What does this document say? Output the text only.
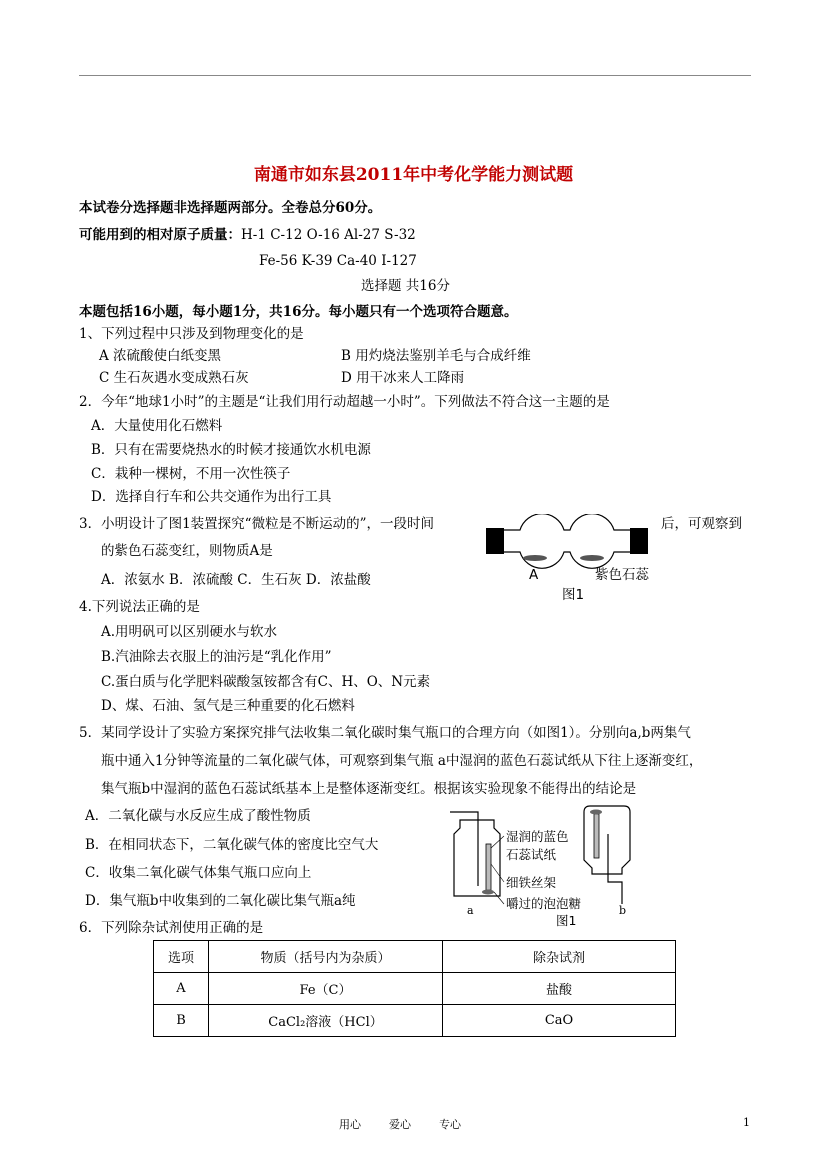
南通市如东县2011年中考化学能力测试题
本试卷分选择题非选择题两部分。全卷总分60分。
可能用到的相对原子质量：H-1 C-12 O-16 Al-27 S-32
Fe-56 K-39 Ca-40 I-127
选择题 共16分
本题包括16小题，每小题1分，共16分。每小题只有一个选项符合题意。
1、下列过程中只涉及到物理变化的是
A 浓硫酸使白纸变黑	B 用灼烧法鉴别羊毛与合成纤维
C 生石灰遇水变成熟石灰	D 用干冰来人工降雨
2．今年“地球1小时”的主题是“让我们用行动超越一小时”。下列做法不符合这一主题的是
A．大量使用化石燃料
B．只有在需要烧热水的时候才接通饮水机电源
C．栽种一棵树，不用一次性筷子
D．选择自行车和公共交通作为出行工具
3．小明设计了图1装置探究“微粒是不断运动的”，一段时间	后，可观察到
的紫色石蕊变红，则物质A是
A．浓氨水 B．浓硫酸 C．生石灰 D．浓盐酸	A	紫色石蕊
图1
4.下列说法正确的是
A.用明矾可以区别硬水与软水
B.汽油除去衣服上的油污是“乳化作用”
C.蛋白质与化学肥料碳酸氢铵都含有C、H、O、N元素
D、煤、石油、氢气是三种重要的化石燃料
5．某同学设计了实验方案探究排气法收集二氧化碳时集气瓶口的合理方向（如图1）。分别向a,b两集气
瓶中通入1分钟等流量的二氧化碳气体，可观察到集气瓶 a中湿润的蓝色石蕊试纸从下往上逐渐变红，
集气瓶b中湿润的蓝色石蕊试纸基本上是整体逐渐变红。根据该实验现象不能得出的结论是
A．二氧化碳与水反应生成了酸性物质
B．在相同状态下，二氧化碳气体的密度比空气大
C．收集二氧化碳气体集气瓶口应向上
D．集气瓶b中收集到的二氧化碳比集气瓶a纯
湿润的蓝色
石蕊试纸
细铁丝架
嚼过的泡泡糖
a	b
图1
6．下列除杂试剂使用正确的是
选项	物质（括号内为杂质）	除杂试剂
A	Fe（C）	盐酸
B	CaCl₂溶液（HCl）	CaO
用心	爱心	专心	1
